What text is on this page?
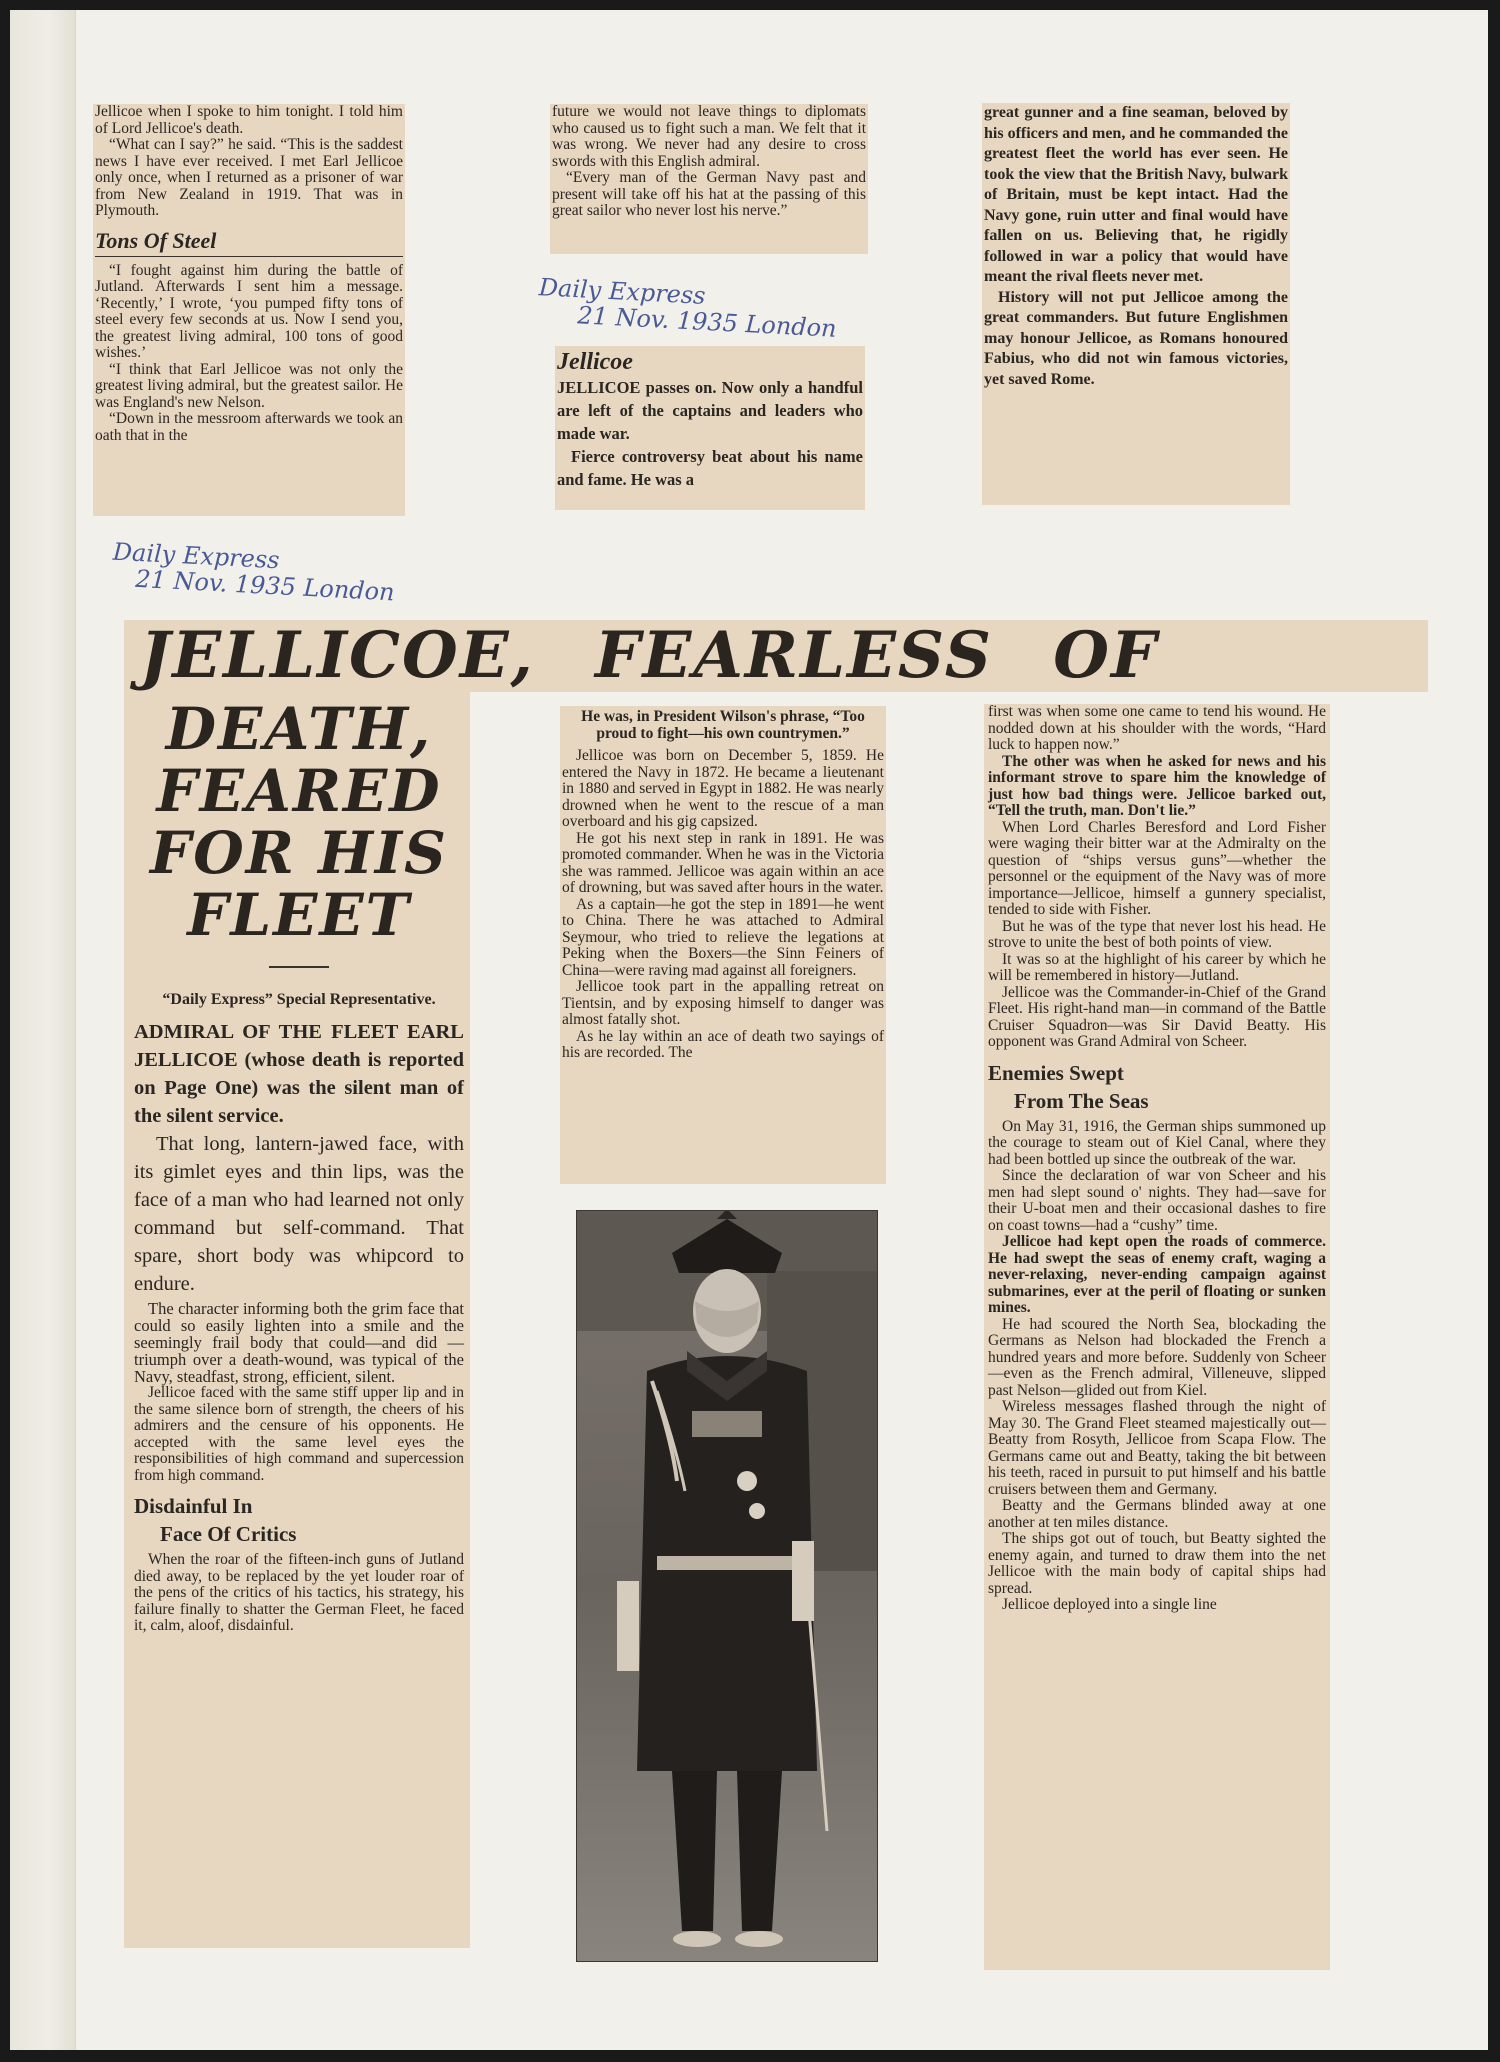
Jellicoe when I spoke to him tonight. I told him of Lord Jellicoe's death.

“What can I say?” he said. “This is the saddest news I have ever received. I met Earl Jellicoe only once, when I returned as a prisoner of war from New Zealand in 1919. That was in Plymouth.

Tons Of Steel

“I fought against him during the battle of Jutland. Afterwards I sent him a message. ‘Recently,’ I wrote, ‘you pumped fifty tons of steel every few seconds at us. Now I send you, the greatest living admiral, 100 tons of good wishes.’

“I think that Earl Jellicoe was not only the greatest living admiral, but the greatest sailor. He was England's new Nelson.

“Down in the messroom afterwards we took an oath that in the

future we would not leave things to diplomats who caused us to fight such a man. We felt that it was wrong. We never had any desire to cross swords with this English admiral.

“Every man of the German Navy past and present will take off his hat at the passing of this great sailor who never lost his nerve.”

Daily Express
21 Nov. 1935 London
Jellicoe

JELLICOE passes on. Now only a handful are left of the captains and leaders who made war.

Fierce controversy beat about his name and fame. He was a

great gunner and a fine seaman, beloved by his officers and men, and he commanded the greatest fleet the world has ever seen. He took the view that the British Navy, bulwark of Britain, must be kept intact. Had the Navy gone, ruin utter and final would have fallen on us. Believing that, he rigidly followed in war a policy that would have meant the rival fleets never met.

History will not put Jellicoe among the great commanders. But future Englishmen may honour Jellicoe, as Romans honoured Fabius, who did not win famous victories, yet saved Rome.

Daily Express
21 Nov. 1935 London
JELLICOE, FEARLESS OF
DEATH,
FEARED
FOR HIS
FLEET
“Daily Express” Special Representative.

ADMIRAL OF THE FLEET EARL JELLICOE (whose death is reported on Page One) was the silent man of the silent service.

That long, lantern-jawed face, with its gimlet eyes and thin lips, was the face of a man who had learned not only command but self-command. That spare, short body was whipcord to endure.

The character informing both the grim face that could so easily lighten into a smile and the seemingly frail body that could—and did — triumph over a death-wound, was typical of the Navy, steadfast, strong, efficient, silent.

Jellicoe faced with the same stiff upper lip and in the same silence born of strength, the cheers of his admirers and the censure of his opponents. He accepted with the same level eyes the responsibilities of high command and supercession from high command.

Disdainful In
Face Of Critics

When the roar of the fifteen-inch guns of Jutland died away, to be replaced by the yet louder roar of the pens of the critics of his tactics, his strategy, his failure finally to shatter the German Fleet, he faced it, calm, aloof, disdainful.

He was, in President Wilson's phrase, “Too proud to fight—his own countrymen.”

Jellicoe was born on December 5, 1859. He entered the Navy in 1872. He became a lieutenant in 1880 and served in Egypt in 1882. He was nearly drowned when he went to the rescue of a man overboard and his gig capsized.

He got his next step in rank in 1891. He was promoted commander. When he was in the Victoria she was rammed. Jellicoe was again within an ace of drowning, but was saved after hours in the water.

As a captain—he got the step in 1891—he went to China. There he was attached to Admiral Seymour, who tried to relieve the legations at Peking when the Boxers—the Sinn Feiners of China—were raving mad against all foreigners.

Jellicoe took part in the appalling retreat on Tientsin, and by exposing himself to danger was almost fatally shot.

As he lay within an ace of death two sayings of his are recorded. The

first was when some one came to tend his wound. He nodded down at his shoulder with the words, “Hard luck to happen now.”

The other was when he asked for news and his informant strove to spare him the knowledge of just how bad things were. Jellicoe barked out, “Tell the truth, man. Don't lie.”

When Lord Charles Beresford and Lord Fisher were waging their bitter war at the Admiralty on the question of “ships versus guns”—whether the personnel or the equipment of the Navy was of more importance—Jellicoe, himself a gunnery specialist, tended to side with Fisher.

But he was of the type that never lost his head. He strove to unite the best of both points of view.

It was so at the highlight of his career by which he will be remembered in history—Jutland.

Jellicoe was the Commander-in-Chief of the Grand Fleet. His right-hand man—in command of the Battle Cruiser Squadron—was Sir David Beatty. His opponent was Grand Admiral von Scheer.

Enemies Swept
From The Seas

On May 31, 1916, the German ships summoned up the courage to steam out of Kiel Canal, where they had been bottled up since the outbreak of the war.

Since the declaration of war von Scheer and his men had slept sound o' nights. They had—save for their U-boat men and their occasional dashes to fire on coast towns—had a “cushy” time.

Jellicoe had kept open the roads of commerce. He had swept the seas of enemy craft, waging a never-relaxing, never-ending campaign against submarines, ever at the peril of floating or sunken mines.

He had scoured the North Sea, blockading the Germans as Nelson had blockaded the French a hundred years and more before. Suddenly von Scheer—even as the French admiral, Villeneuve, slipped past Nelson—glided out from Kiel.

Wireless messages flashed through the night of May 30. The Grand Fleet steamed majestically out—Beatty from Rosyth, Jellicoe from Scapa Flow. The Germans came out and Beatty, taking the bit between his teeth, raced in pursuit to put himself and his battle cruisers between them and Germany.

Beatty and the Germans blinded away at one another at ten miles distance.

The ships got out of touch, but Beatty sighted the enemy again, and turned to draw them into the net Jellicoe with the main body of capital ships had spread.

Jellicoe deployed into a single line
